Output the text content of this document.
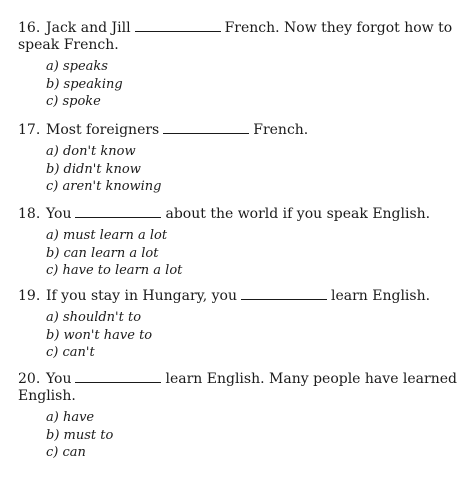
16. Jack and Jill	French. Now they forgot how to
speak French.
a) speaks
b) speaking
c) spoke
17. Most foreigners	French.
a) don't know
b) didn't know
c) aren't knowing
18. You	about the world if you speak English.
a) must learn a lot
b) can learn a lot
c) have to learn a lot
19. If you stay in Hungary, you	learn English.
a) shouldn't to
b) won't have to
c) can't
20. You	learn English. Many people have learned
English.
a) have
b) must to
c) can
